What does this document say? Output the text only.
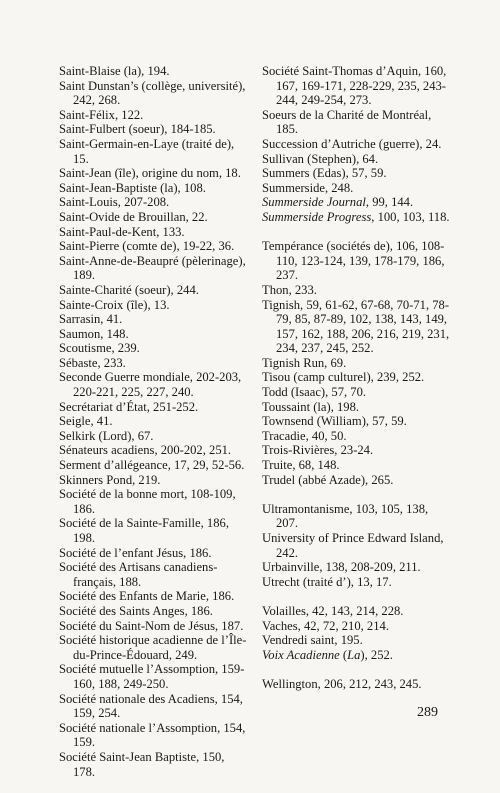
Saint-Blaise (la), 194.

Saint Dunstan’s (collège, université), 242, 268.

Saint-Félix, 122.

Saint-Fulbert (soeur), 184-185.

Saint-Germain-en-Laye (traité de), 15.

Saint-Jean (île), origine du nom, 18.

Saint-Jean-Baptiste (la), 108.

Saint-Louis, 207-208.

Saint-Ovide de Brouillan, 22.

Saint-Paul-de-Kent, 133.

Saint-Pierre (comte de), 19-22, 36.

Saint-Anne-de-Beaupré (pèlerinage), 189.

Sainte-Charité (soeur), 244.

Sainte-Croix (île), 13.

Sarrasin, 41.

Saumon, 148.

Scoutisme, 239.

Sébaste, 233.

Seconde Guerre mondiale, 202-203, 220-221, 225, 227, 240.

Secrétariat d’État, 251-252.

Seigle, 41.

Selkirk (Lord), 67.

Sénateurs acadiens, 200-202, 251.

Serment d’allégeance, 17, 29, 52-56.

Skinners Pond, 219.

Société de la bonne mort, 108-109, 186.

Société de la Sainte-Famille, 186, 198.

Société de l’enfant Jésus, 186.

Société des Artisans canadiens-français, 188.

Société des Enfants de Marie, 186.

Société des Saints Anges, 186.

Société du Saint-Nom de Jésus, 187.

Société historique acadienne de l’Île-du-Prince-Édouard, 249.

Société mutuelle l’Assomption, 159-160, 188, 249-250.

Société nationale des Acadiens, 154, 159, 254.

Société nationale l’Assomption, 154, 159.

Société Saint-Jean Baptiste, 150, 178.

Société Saint-Thomas d’Aquin, 160, 167, 169-171, 228-229, 235, 243-244, 249-254, 273.

Soeurs de la Charité de Montréal, 185.

Succession d’Autriche (guerre), 24.

Sullivan (Stephen), 64.

Summers (Edas), 57, 59.

Summerside, 248.

Summerside Journal, 99, 144.

Summerside Progress, 100, 103, 118.

Tempérance (sociétés de), 106, 108-110, 123-124, 139, 178-179, 186, 237.

Thon, 233.

Tignish, 59, 61-62, 67-68, 70-71, 78-79, 85, 87-89, 102, 138, 143, 149, 157, 162, 188, 206, 216, 219, 231, 234, 237, 245, 252.

Tignish Run, 69.

Tisou (camp culturel), 239, 252.

Todd (Isaac), 57, 70.

Toussaint (la), 198.

Townsend (William), 57, 59.

Tracadie, 40, 50.

Trois-Rivières, 23-24.

Truite, 68, 148.

Trudel (abbé Azade), 265.

Ultramontanisme, 103, 105, 138, 207.

University of Prince Edward Island, 242.

Urbainville, 138, 208-209, 211.

Utrecht (traité d’), 13, 17.

Volailles, 42, 143, 214, 228.

Vaches, 42, 72, 210, 214.

Vendredi saint, 195.

Voix Acadienne (La), 252.

Wellington, 206, 212, 243, 245.

289
